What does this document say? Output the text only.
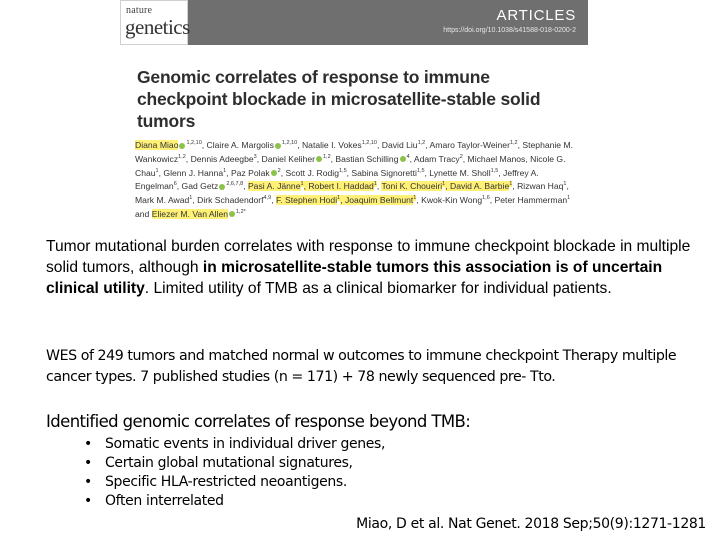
ARTICLES
https://doi.org/10.1038/s41588-018-0200-2
nature
genetics
Genomic correlates of response to immune checkpoint blockade in microsatellite-stable solid tumors
Diana Miao $^{1,2,10}$, Claire A. Margolis $^{1,2,10}$, Natalie I. Vokes$^{1,2,10}$, David Liu$^{1,2}$, Amaro Taylor-Weiner$^{1,2}$, Stephanie M. Wankowicz$^{1,2}$, Dennis Adeegbe$^3$, Daniel Keliher $^{1,2}$, Bastian Schilling $^4$, Adam Tracy$^2$, Michael Manos, Nicole G. Chau$^1$, Glenn J. Hanna$^1$, Paz Polak $^2$, Scott J. Rodig$^{1,5}$, Sabina Signoretti$^{1,5}$, Lynette M. Sholl$^{1,5}$, Jeffrey A. Engelman$^6$, Gad Getz $^{2,6,7,8}$, Pasi A. Jänne$^1$, Robert I. Haddad$^1$, Toni K. Choueiri$^1$, David A. Barbie$^1$, Rizwan Haq$^1$, Mark M. Awad$^1$, Dirk Schadendorf$^{4,9}$, F. Stephen Hodi$^1$, Joaquim Bellmunt$^1$, Kwok-Kin Wong$^{1,6}$, Peter Hammerman$^1$ and Eliezer M. Van Allen $^{1,2*}$
Tumor mutational burden correlates with response to immune checkpoint blockade in multiple solid tumors, although in microsatellite-stable tumors this association is of uncertain clinical utility. Limited utility of TMB as a clinical biomarker for individual patients.
WES of 249 tumors and matched normal w outcomes to immune checkpoint Therapy multiple cancer types. 7 published studies (n = 171) + 78 newly sequenced pre- Tto.
Identified genomic correlates of response beyond TMB:
• Somatic events in individual driver genes,
• Certain global mutational signatures,
• Specific HLA-restricted neoantigens.
• Often interrelated
Miao, D et al. Nat Genet. 2018 Sep;50(9):1271-1281
